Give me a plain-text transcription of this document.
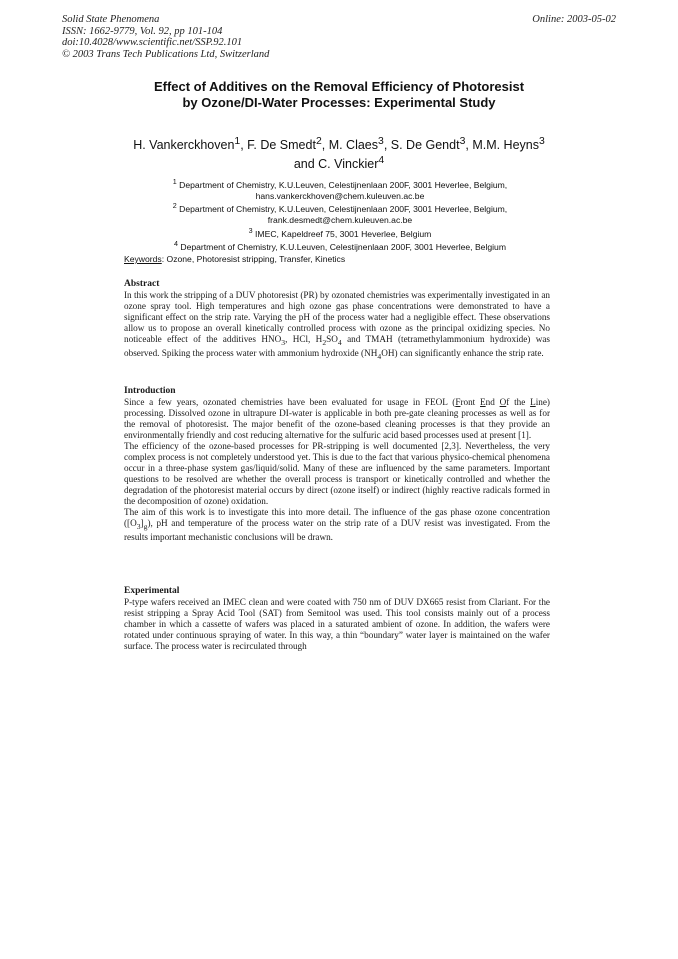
Solid State Phenomena
ISSN: 1662-9779, Vol. 92, pp 101-104
doi:10.4028/www.scientific.net/SSP.92.101
© 2003 Trans Tech Publications Ltd, Switzerland
Online: 2003-05-02
Effect of Additives on the Removal Efficiency of Photoresist
by Ozone/DI-Water Processes: Experimental Study
H. Vankerckhoven$^1$, F. De Smedt$^2$, M. Claes$^3$, S. De Gendt$^3$, M.M. Heyns$^3$
and C. Vinckier$^4$
$^1$ Department of Chemistry, K.U.Leuven, Celestijnenlaan 200F, 3001 Heverlee, Belgium,
hans.vankerckhoven@chem.kuleuven.ac.be
$^2$ Department of Chemistry, K.U.Leuven, Celestijnenlaan 200F, 3001 Heverlee, Belgium,
frank.desmedt@chem.kuleuven.ac.be
$^3$ IMEC, Kapeldreef 75, 3001 Heverlee, Belgium
$^4$ Department of Chemistry, K.U.Leuven, Celestijnenlaan 200F, 3001 Heverlee, Belgium
Keywords: Ozone, Photoresist stripping, Transfer, Kinetics

Abstract

In this work the stripping of a DUV photoresist (PR) by ozonated chemistries was experimentally investigated in an ozone spray tool. High temperatures and high ozone gas phase concentrations were demonstrated to have a significant effect on the strip rate. Varying the pH of the process water had a negligible effect. These observations allow us to propose an overall kinetically controlled process with ozone as the principal oxidizing species. No noticeable effect of the additives $HNO_3$, HCl, $H_2SO_4$ and TMAH (tetramethylammonium hydroxide) was observed. Spiking the process water with ammonium hydroxide $(NH_4OH)$ can significantly enhance the strip rate.

Introduction

Since a few years, ozonated chemistries have been evaluated for usage in FEOL (Front End Of the Line) processing. Dissolved ozone in ultrapure DI-water is applicable in both pre-gate cleaning processes as well as for the removal of photoresist. The major benefit of the ozone-based cleaning processes is that they provide an environmentally friendly and cost reducing alternative for the sulfuric acid based processes used at present [1].

The efficiency of the ozone-based processes for PR-stripping is well documented [2,3]. Nevertheless, the very complex process is not completely understood yet. This is due to the fact that various physico-chemical phenomena occur in a three-phase system gas/liquid/solid. Many of these are influenced by the same parameters. Important questions to be resolved are whether the overall process is transport or kinetically controlled and whether the degradation of the photoresist material occurs by direct (ozone itself) or indirect (highly reactive radicals formed in the decomposition of ozone) oxidation.

The aim of this work is to investigate this into more detail. The influence of the gas phase ozone concentration $([O_3]_g)$, pH and temperature of the process water on the strip rate of a DUV resist was investigated. From the results important mechanistic conclusions will be drawn.

Experimental

P-type wafers received an IMEC clean and were coated with 750 nm of DUV DX665 resist from Clariant. For the resist stripping a Spray Acid Tool (SAT) from Semitool was used. This tool consists mainly out of a process chamber in which a cassette of wafers was placed in a saturated ambient of ozone. In addition, the wafers were rotated under continuous spraying of water. In this way, a thin “boundary” water layer is maintained on the wafer surface. The process water is recirculated through
